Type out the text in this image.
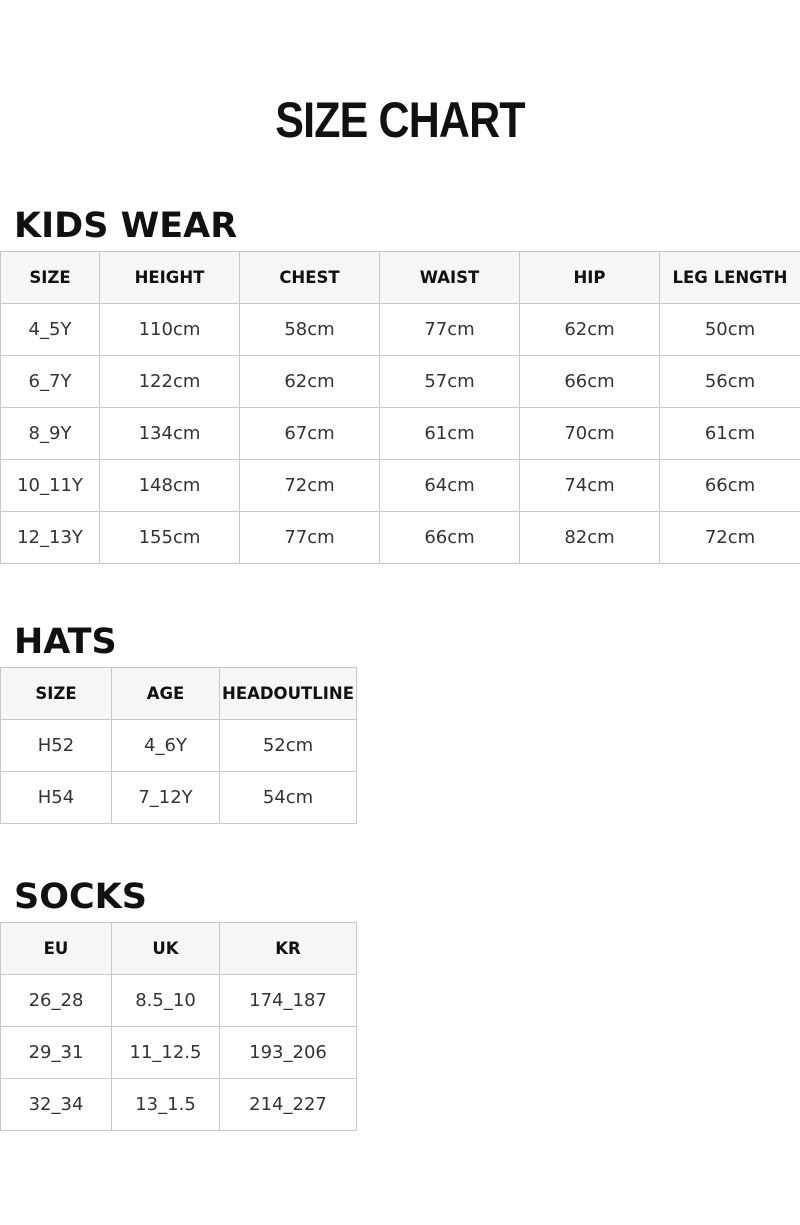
SIZE CHART
KIDS WEAR
SIZE	HEIGHT	CHEST	WAIST	HIP	LEG LENGTH
4_5Y	110cm	58cm	77cm	62cm	50cm
6_7Y	122cm	62cm	57cm	66cm	56cm
8_9Y	134cm	67cm	61cm	70cm	61cm
10_11Y	148cm	72cm	64cm	74cm	66cm
12_13Y	155cm	77cm	66cm	82cm	72cm
HATS
SIZE	AGE	HEADOUTLINE
H52	4_6Y	52cm
H54	7_12Y	54cm
SOCKS
EU	UK	KR
26_28	8.5_10	174_187
29_31	11_12.5	193_206
32_34	13_1.5	214_227
